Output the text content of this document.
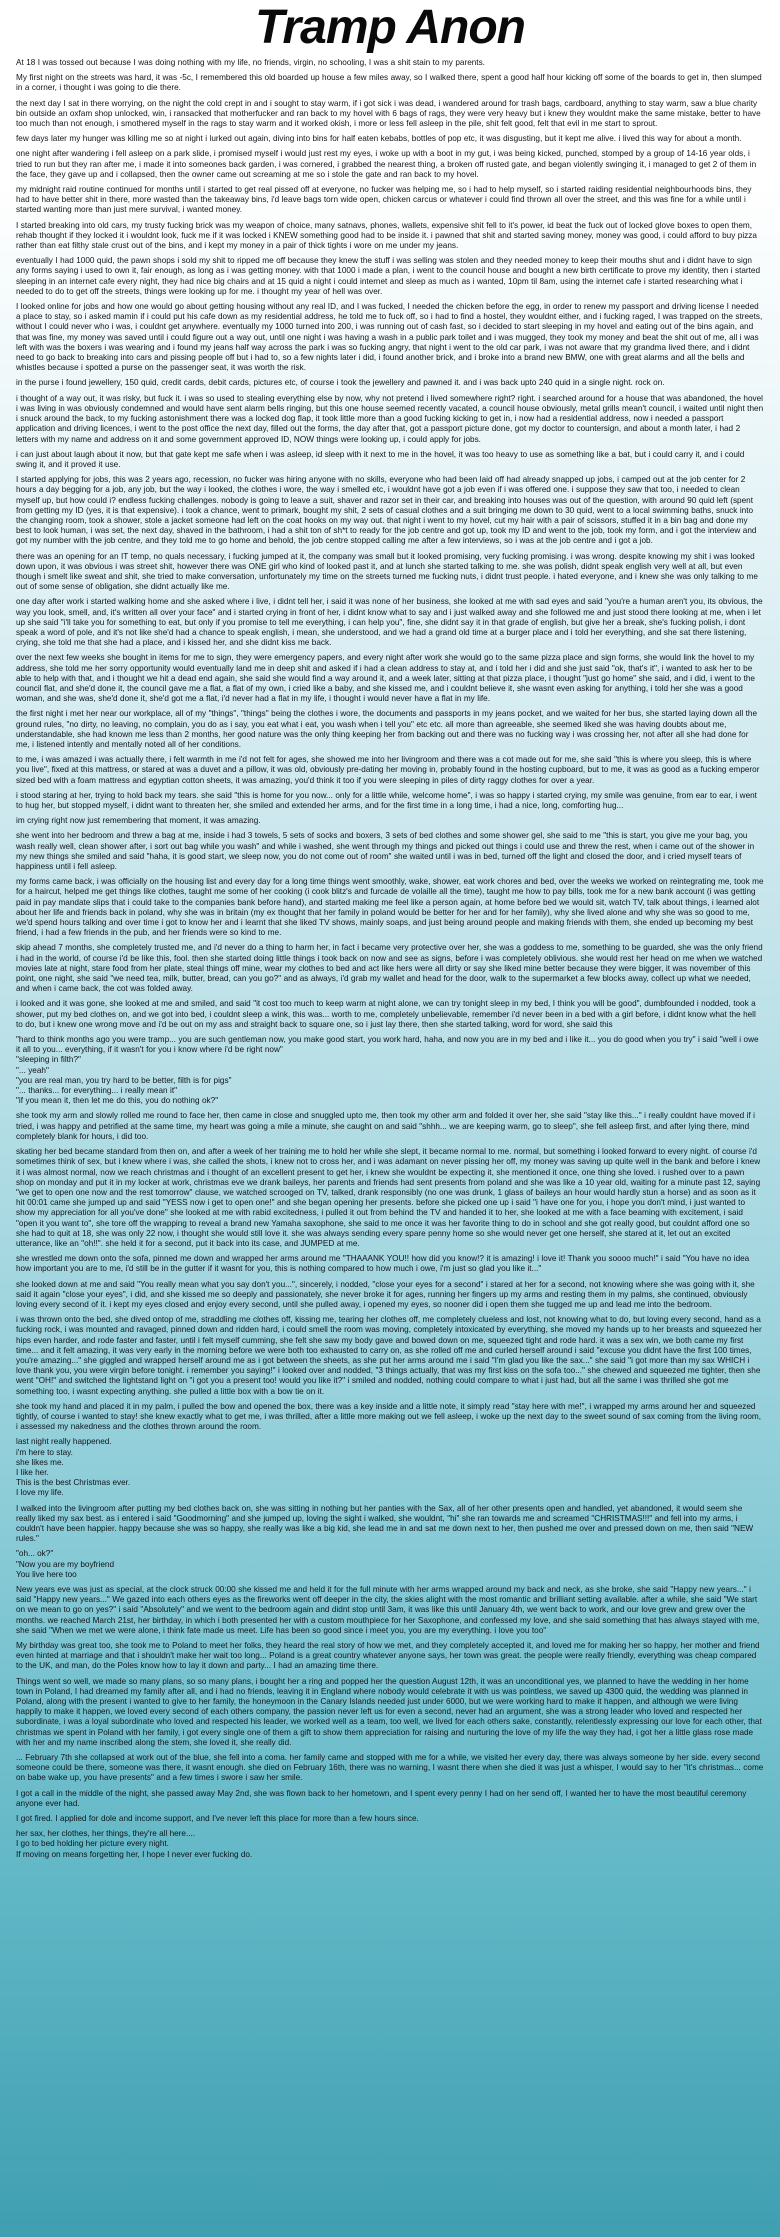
Tramp Anon

At 18 I was tossed out because I was doing nothing with my life, no friends, virgin, no schooling, I was a shit stain to my parents.

My first night on the streets was hard, it was -5c, I remembered this old boarded up house a few miles away, so I walked there, spent a good half hour kicking off some of the boards to get in, then slumped in a corner, i thought i was going to die there.

the next day I sat in there worrying, on the night the cold crept in and i sought to stay warm, if i got sick i was dead, i wandered around for trash bags, cardboard, anything to stay warm, saw a blue charity bin outside an oxfam shop unlocked, win, i ransacked that motherfucker and ran back to my hovel with 6 bags of rags, they were very heavy but i knew they wouldnt make the same mistake, better to have too much than not enough, i smothered myself in the rags to stay warm and it worked okish, i more or less fell asleep in the pile, shit felt good, felt that evil in me start to sprout.

few days later my hunger was killing me so at night i lurked out again, diving into bins for half eaten kebabs, bottles of pop etc, it was disgusting, but it kept me alive. i lived this way for about a month.

one night after wandering i fell asleep on a park slide, i promised myself i would just rest my eyes, i woke up with a boot in my gut, i was being kicked, punched, stomped by a group of 14-16 year olds, i tried to run but they ran after me, i made it into someones back garden, i was cornered, i grabbed the nearest thing, a broken off rusted gate, and began violently swinging it, i managed to get 2 of them in the face, they gave up and i collapsed, then the owner came out screaming at me so i stole the gate and ran back to my hovel.

my midnight raid routine continued for months until i started to get real pissed off at everyone, no fucker was helping me, so i had to help myself, so i started raiding residential neighbourhoods bins, they had to have better shit in there, more wasted than the takeaway bins, i'd leave bags torn wide open, chicken carcus or whatever i could find thrown all over the street, and this was fine for a while until i started wanting more than just mere survival, i wanted money.

I started breaking into old cars, my trusty fucking brick was my weapon of choice, many satnavs, phones, wallets, expensive shit fell to it's power, id beat the fuck out of locked glove boxes to open them, rehab thought if they locked it i wouldnt look, fuck me if it was locked i KNEW something good had to be inside it. i pawned that shit and started saving money, money was good, i could afford to buy pizza rather than eat filthy stale crust out of the bins, and i kept my money in a pair of thick tights i wore on me under my jeans.

eventually I had 1000 quid, the pawn shops i sold my shit to ripped me off because they knew the stuff i was selling was stolen and they needed money to keep their mouths shut and i didnt have to sign any forms saying i used to own it, fair enough, as long as i was getting money. with that 1000 i made a plan, i went to the council house and bought a new birth certificate to prove my identity, then i started sleeping in an internet cafe every night, they had nice big chairs and at 15 quid a night i could internet and sleep as much as i wanted, 10pm til 8am, using the internet cafe i started researching what i needed to do to get off the streets, things were looking up for me. i thought my year of hell was over.

I looked online for jobs and how one would go about getting housing without any real ID, and I was fucked, I needed the chicken before the egg, in order to renew my passport and driving license I needed a place to stay, so i asked mamin if i could put his cafe down as my residential address, he told me to fuck off, so i had to find a hostel, they wouldnt either, and i fucking raged, I was trapped on the streets, without I could never who i was, i couldnt get anywhere. eventually my 1000 turned into 200, i was running out of cash fast, so i decided to start sleeping in my hovel and eating out of the bins again, and that was fine, my money was saved until i could figure out a way out, until one night i was having a wash in a public park toilet and i was mugged, they took my money and beat the shit out of me, all i was left with was the boxers i was wearing and i found my jeans half way across the park i was so fucking angry, that night i went to the old car park, i was not aware that my grandma lived there, and i didnt need to go back to breaking into cars and pissing people off but i had to, so a few nights later i did, i found another brick, and i broke into a brand new BMW, one with great alarms and all the bells and whistles because i spotted a purse on the passenger seat, it was worth the risk.

in the purse i found jewellery, 150 quid, credit cards, debit cards, pictures etc, of course i took the jewellery and pawned it. and i was back upto 240 quid in a single night. rock on.

i thought of a way out, it was risky, but fuck it. i was so used to stealing everything else by now, why not pretend i lived somewhere right? right. i searched around for a house that was abandoned, the hovel i was living in was obviously condemned and would have sent alarm bells ringing, but this one house seemed recently vacated, a council house obviously, metal grills mean't council, i waited until night then i snuck around the back, to my fucking astonishment there was a locked dog flap, it took little more than a good fucking kicking to get in, i now had a residential address, now i needed a passport application and driving licences, i went to the post office the next day, filled out the forms, the day after that, got a passport picture done, got my doctor to countersign, and about a month later, i had 2 letters with my name and address on it and some government approved ID, NOW things were looking up, i could apply for jobs.

i can just about laugh about it now, but that gate kept me safe when i was asleep, id sleep with it next to me in the hovel, it was too heavy to use as something like a bat, but i could carry it, and i could swing it, and it proved it use.

I started applying for jobs, this was 2 years ago, recession, no fucker was hiring anyone with no skills, everyone who had been laid off had already snapped up jobs, i camped out at the job center for 2 hours a day begging for a job, any job, but the way i looked, the clothes i wore, the way i smelled etc, i wouldnt have got a job even if i was offered one. i suppose they saw that too, i needed to clean myself up, but how could i? endless fucking challenges. nobody is going to leave a suit, shaver and razor set in their car, and breaking into houses was out of the question, with around 90 quid left (spent from getting my ID (yes, it is that expensive). i took a chance, went to primark, bought my shit, 2 sets of casual clothes and a suit bringing me down to 30 quid, went to a local swimming baths, snuck into the changing room, took a shower, stole a jacket someone had left on the coat hooks on my way out. that night i went to my hovel, cut my hair with a pair of scissors, stuffed it in a bin bag and done my best to look human, i was set, the next day, shaved in the bathroom, i had a shit ton of sh*t to ready for the job centre and got up, took my ID and went to the job, took my form, and i got the interview and got my number with the job centre, and they told me to go home and behold, the job centre stopped calling me after a few interviews, so i was at the job centre and i got a job.

there was an opening for an IT temp, no quals necessary, i fucking jumped at it, the company was small but it looked promising, very fucking promising. i was wrong. despite knowing my shit i was looked down upon, it was obvious i was street shit, however there was ONE girl who kind of looked past it, and at lunch she started talking to me. she was polish, didnt speak english very well at all, but even though i smelt like sweat and shit, she tried to make conversation, unfortunately my time on the streets turned me fucking nuts, i didnt trust people. i hated everyone, and i knew she was only talking to me out of some sense of obligation, she didnt actually like me.

one day after work i started walking home and she asked where i live, i didnt tell her, i said it was none of her business, she looked at me with sad eyes and said "you're a human aren't you, its obvious, the way you look, smell, and, it's written all over your face" and i started crying in front of her, i didnt know what to say and i just walked away and she followed me and just stood there looking at me, when i let up she said "i'll take you for something to eat, but only if you promise to tell me everything, i can help you", fine, she didnt say it in that grade of english, but give her a break, she's fucking polish, i dont speak a word of pole, and it's not like she'd had a chance to speak english, i mean, she understood, and we had a grand old time at a burger place and i told her everything, and she sat there listening, crying, she told me that she had a place, and i kissed her, and she didnt kiss me back.

over the next few weeks she bought in items for me to sign, they were emergency papers, and every night after work she would go to the same pizza place and sign forms, she would link the hovel to my address, she told me her sorry opportunity would eventually land me in deep shit and asked if i had a clean address to stay at, and i told her i did and she just said "ok, that's it", i wanted to ask her to be able to help with that, and i thought we hit a dead end again, she said she would find a way around it, and a week later, sitting at that pizza place, i thought "just go home" she said, and i did, i went to the council flat, and she'd done it, the council gave me a flat, a flat of my own, i cried like a baby, and she kissed me, and i couldnt believe it, she wasnt even asking for anything, i told her she was a good woman, and she was, she'd done it, she'd got me a flat, i'd never had a flat in my life, i thought i would never have a flat in my life.

the first night i met her near our workplace, all of my "things", "things" being the clothes i wore, the documents and passports in my jeans pocket, and we waited for her bus, she started laying down all the ground rules, "no dirty, no leaving, no complain, you do as i say, you eat what i eat, you wash when i tell you" etc etc. all more than agreeable, she seemed liked she was having doubts about me, understandable, she had known me less than 2 months, her good nature was the only thing keeping her from backing out and there was no fucking way i was crossing her, not after all she had done for me, i listened intently and mentally noted all of her conditions.

to me, i was amazed i was actually there, i felt warmth in me i'd not felt for ages, she showed me into her livingroom and there was a cot made out for me, she said "this is where you sleep, this is where you live", fixed at this mattress, or stared at was a duvet and a pillow, it was old, obviously pre-dating her moving in, probably found in the hosting cupboard, but to me, it was as good as a fucking emperor sized bed with a foam mattress and egyptian cotton sheets, it was amazing, you'd think it too if you were sleeping in piles of dirty raggy clothes for over a year.

i stood staring at her, trying to hold back my tears. she said "this is home for you now... only for a little while, welcome home", i was so happy i started crying, my smile was genuine, from ear to ear, i went to hug her, but stopped myself, i didnt want to threaten her, she smiled and extended her arms, and for the first time in a long time, i had a nice, long, comforting hug...

im crying right now just remembering that moment, it was amazing.

she went into her bedroom and threw a bag at me, inside i had 3 towels, 5 sets of socks and boxers, 3 sets of bed clothes and some shower gel, she said to me "this is start, you give me your bag, you wash really well, clean shower after, i sort out bag while you wash" and while i washed, she went through my things and picked out things i could use and threw the rest, when i came out of the shower in my new things she smiled and said "haha, it is good start, we sleep now, you do not come out of room" she waited until i was in bed, turned off the light and closed the door, and i cried myself tears of happiness until i fell asleep.

my forms came back, i was officially on the housing list and every day for a long time things went smoothly, wake, shower, eat work chores and bed, over the weeks we worked on reintegrating me, took me for a haircut, helped me get things like clothes, taught me some of her cooking (i cook blitz's and furcade de volaille all the time), taught me how to pay bills, took me for a new bank account (i was getting paid in pay mandate slips that i could take to the companies bank before hand), and started making me feel like a person again, at home before bed we would sit, watch TV, talk about things, i learned alot about her life and friends back in poland, why she was in britain (my ex thought that her family in poland would be better for her and for her family), why she lived alone and why she was so good to me, we'd spend hours talking and over time i got to know her and i learnt that she liked TV shows, mainly soaps, and just being around people and making friends with them, she ended up becoming my best friend, i had a few friends in the pub, and her friends were so kind to me.

skip ahead 7 months, she completely trusted me, and i'd never do a thing to harm her, in fact i became very protective over her, she was a goddess to me, something to be guarded, she was the only friend i had in the world, of course i'd be like this, fool. then she started doing little things i took back on now and see as signs, before i was completely oblivious. she would rest her head on me when we watched movies late at night, stare food from her plate, steal things off mine, wear my clothes to bed and act like hers were all dirty or say she liked mine better because they were bigger, it was november of this point, one night, she said "we need tea, milk, butter, bread, can you go?" and as always, i'd grab my wallet and head for the door, walk to the supermarket a few blocks away, collect up what we needed, and when i came back, the cot was folded away.

i looked and it was gone, she looked at me and smiled, and said "it cost too much to keep warm at night alone, we can try tonight sleep in my bed, I think you will be good", dumbfounded i nodded, took a shower, put my bed clothes on, and we got into bed, i couldnt sleep a wink, this was... worth to me, completely unbelievable, remember i'd never been in a bed with a girl before, i didnt know what the hell to do, but i knew one wrong move and i'd be out on my ass and straight back to square one, so i just lay there, then she started talking, word for word, she said this

"hard to think months ago you were tramp... you are such gentleman now, you make good start, you work hard, haha, and now you are in my bed and i like it... you do good when you try" i said "well i owe it all to you... everything, if it wasn't for you i know where i'd be right now"
"sleeping in filth?"
"... yeah"
"you are real man, you try hard to be better, filth is for pigs"
"... thanks... for everything... i really mean it"
"if you mean it, then let me do this, you do nothing ok?"

she took my arm and slowly rolled me round to face her, then came in close and snuggled upto me, then took my other arm and folded it over her, she said "stay like this..." i really couldnt have moved if i tried, i was happy and petrified at the same time, my heart was going a mile a minute, she caught on and said "shhh... we are keeping warm, go to sleep", she fell asleep first, and after lying there, mind completely blank for hours, i did too.

skating her bed became standard from then on, and after a week of her training me to hold her while she slept, it became normal to me. normal, but something i looked forward to every night. of course i'd sometimes think of sex, but i knew where i was, she called the shots, i knew not to cross her, and i was adamant on never pissing her off, my money was saving up quite well in the bank and before i knew it i was almost normal, now we reach christmas and i thought of an excellent present to get her, i knew she wouldnt be expecting it, she mentioned it once, one thing she loved. i rushed over to a pawn shop on monday and put it in my locker at work, christmas eve we drank baileys, her parents and friends had sent presents from poland and she was like a 10 year old, waiting for a minute past 12, saying "we get to open one now and the rest tomorrow" clause, we watched scrooged on TV, talked, drank responsibly (no one was drunk, 1 glass of baileys an hour would hardly stun a horse) and as soon as it hit 00:01 came she jumped up and said "YESS now i get to open one!" and she began opening her presents. before she picked one up i said "i have one for you, i hope you don't mind, i just wanted to show my appreciation for all you've done" she looked at me with rabid excitedness, i pulled it out from behind the TV and handed it to her, she looked at me with a face beaming with excitement, i said "open it you want to", she tore off the wrapping to reveal a brand new Yamaha saxophone, she said to me once it was her favorite thing to do in school and she got really good, but couldnt afford one so she had to quit at 18, she was only 22 now, i thought she would still love it. she was always sending every spare penny home so she would never get one herself, she stared at it, let out an excited utterance, like an "oh!!". she held it for a second, put it back into its case, and JUMPED at me.

she wrestled me down onto the sofa, pinned me down and wrapped her arms around me "THAAANK YOU!! how did you know!? it is amazing! i love it! Thank you soooo much!" i said "You have no idea how important you are to me, i'd still be in the gutter if it wasnt for you, this is nothing compared to how much i owe, i'm just so glad you like it..."

she looked down at me and said "You really mean what you say don't you...", sincerely, i nodded, "close your eyes for a second" i stared at her for a second, not knowing where she was going with it, she said it again "close your eyes", i did, and she kissed me so deeply and passionately, she never broke it for ages, running her fingers up my arms and resting them in my palms, she continued, obviously loving every second of it. i kept my eyes closed and enjoy every second, until she pulled away, i opened my eyes, so nooner did i open them she tugged me up and lead me into the bedroom.

i was thrown onto the bed, she dived ontop of me, straddling me clothes off, kissing me, tearing her clothes off, me completely clueless and lost, not knowing what to do, but loving every second, hand as a fucking rock, i was mounted and ravaged, pinned down and ridden hard, i could smell the room was moving, completely intoxicated by everything, she moved my hands up to her breasts and squeezed her hips even harder, and rode faster and faster, until i felt myself cumming, she felt she saw my body gave and bowed down on me, squeezed tight and rode hard. it was a sex win, we both came my first time... and it felt amazing, it was very early in the morning before we were both too exhausted to carry on, as she rolled off me and curled herself around i said "excuse you didnt have the first 100 times, you're amazing..." she giggled and wrapped herself around me as i got between the sheets, as she put her arms around me i said "I'm glad you like the sax..." she said "i got more than my sax WHICH i love thank you, you were virgin before tonight. i remember you saying!" i looked over and nodded, "3 things actually, that was my first kiss on the sofa too..." she chewed and squeezed me tighter, then she went "OH!" and switched the lightstand light on "i got you a present too! would you like it?" i smiled and nodded, nothing could compare to what i just had, but all the same i was thrilled she got me something too, i wasnt expecting anything. she pulled a little box with a bow tie on it.

she took my hand and placed it in my palm, i pulled the bow and opened the box, there was a key inside and a little note, it simply read "stay here with me!", i wrapped my arms around her and squeezed tightly, of course i wanted to stay! she knew exactly what to get me, i was thrilled, after a little more making out we fell asleep, i woke up the next day to the sweet sound of sax coming from the living room, i assessed my nakedness and the clothes thrown around the room.

last night really happened.

i'm here to stay.

she likes me.

I like her.

This is the best Christmas ever.

I love my life.

I walked into the livingroom after putting my bed clothes back on, she was sitting in nothing but her panties with the Sax, all of her other presents open and handled, yet abandoned, it would seem she really liked my sax best. as i entered i said "Goodmorning" and she jumped up, loving the sight i walked, she wouldnt, "hi" she ran towards me and screamed "CHRISTMAS!!!" and fell into my arms, i couldn't have been happier. happy because she was so happy, she really was like a big kid, she lead me in and sat me down next to her, then pushed me over and pressed down on me, then said "NEW rules."

"oh... ok?"

"Now you are my boyfriend

You live here too

New years eve was just as special, at the clock struck 00:00 she kissed me and held it for the full minute with her arms wrapped around my back and neck, as she broke, she said "Happy new years..." i said "Happy new years..." We gazed into each others eyes as the fireworks went off deeper in the city, the skies alight with the most romantic and brilliant setting available. after a while, she said "We start on we mean to go on yes?" i said "Absolutely" and we went to the bedroom again and didnt stop until 3am, it was like this until January 4th, we went back to work, and our love grew and grew over the months. we reached March 21st, her birthday, in which i both presented her with a custom mouthpiece for her Saxophone, and confessed my love, and she said something that has always stayed with me, she said "When we met we were alone, i think fate made us meet. Life has been so good since i meet you, you are my everything. i love you too"

My birthday was great too, she took me to Poland to meet her folks, they heard the real story of how we met, and they completely accepted it, and loved me for making her so happy, her mother and friend even hinted at marriage and that i shouldn't make her wait too long... Poland is a great country whatever anyone says, her town was great. the people were really friendly, everything was cheap compared to the UK, and man, do the Poles know how to lay it down and party... I had an amazing time there.

Things went so well, we made so many plans, so so many plans, i bought her a ring and popped her the question August 12th, it was an unconditional yes, we planned to have the wedding in her home town in Poland, I had dreamed my family after all, and i had no friends, leaving it in England where nobody would celebrate it with us was pointless, we saved up 4300 quid, the wedding was planned in Poland, along with the present i wanted to give to her family, the honeymoon in the Canary Islands needed just under 6000, but we were working hard to make it happen, and although we were living happily to make it happen, we loved every second of each others company, the passion never left us for even a second, never had an argument, she was a strong leader who loved and respected her subordinate, i was a loyal subordinate who loved and respected his leader, we worked well as a team, too well, we lived for each others sake, constantly, relentlessly expressing our love for each other, that christmas we spent in Poland with her family, i got every single one of them a gift to show them appreciation for raising and nurturing the love of my life the way they had, i got her a little glass rose made with her and my name inscribed along the stem, she loved it, she really did.

... February 7th she collapsed at work out of the blue, she fell into a coma. her family came and stopped with me for a while, we visited her every day, there was always someone by her side. every second someone could be there, someone was there, it wasnt enough. she died on February 16th, there was no warning, I wasnt there when she died it was just a whisper, I would say to her "it's christmas... come on babe wake up, you have presents" and a few times i swore i saw her smile.

I got a call in the middle of the night, she passed away May 2nd, she was flown back to her hometown, and I spent every penny I had on her send off, I wanted her to have the most beautiful ceremony anyone ever had.

I got fired. I applied for dole and income support, and I've never left this place for more than a few hours since.

her sax, her clothes, her things, they're all here....

I go to bed holding her picture every night.

If moving on means forgetting her, I hope I never ever fucking do.
